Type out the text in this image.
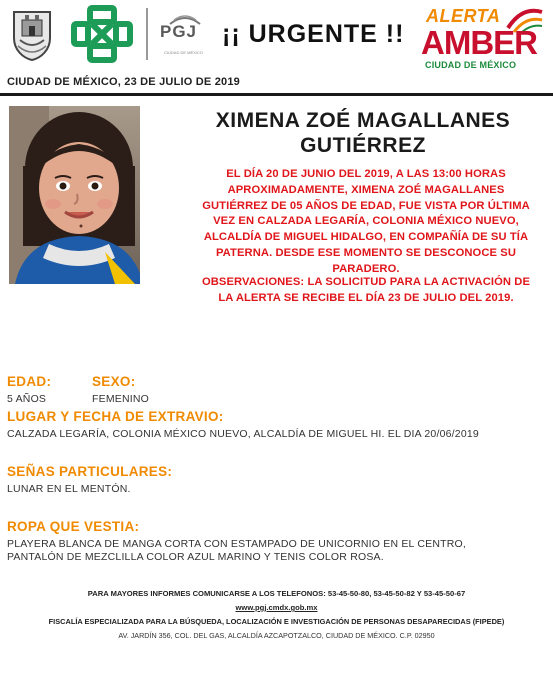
PGJ
CIUDAD DE MÉXICO
¡¡ URGENTE !!
ALERTA
AMBER
CIUDAD DE MÉXICO
CIUDAD DE MÉXICO, 23 DE JULIO DE 2019
XIMENA ZOÉ MAGALLANES
GUTIÉRREZ
EL DÍA 20 DE JUNIO DEL 2019, A LAS 13:00 HORAS APROXIMADAMENTE, XIMENA ZOÉ MAGALLANES GUTIÉRREZ DE 05 AÑOS DE EDAD, FUE VISTA POR ÚLTIMA VEZ EN CALZADA LEGARÍA, COLONIA MÉXICO NUEVO, ALCALDÍA DE MIGUEL HIDALGO, EN COMPAÑÍA DE SU TÍA PATERNA. DESDE ESE MOMENTO SE DESCONOCE SU PARADERO.
OBSERVACIONES: LA SOLICITUD PARA LA ACTIVACIÓN DE LA ALERTA SE RECIBE EL DÍA 23 DE JULIO DEL 2019.
EDAD:
5 AÑOS
SEXO:
FEMENINO
LUGAR Y FECHA DE EXTRAVIO:
CALZADA LEGARÍA, COLONIA MÉXICO NUEVO, ALCALDÍA DE MIGUEL HI. EL DIA 20/06/2019
SEÑAS PARTICULARES:
LUNAR EN EL MENTÓN.
ROPA QUE VESTIA:
PLAYERA BLANCA DE MANGA CORTA CON ESTAMPADO DE UNICORNIO EN EL CENTRO,
PANTALÓN DE MEZCLILLA COLOR AZUL MARINO Y TENIS COLOR ROSA.
PARA MAYORES INFORMES COMUNICARSE A LOS TELEFONOS: 53-45-50-80, 53-45-50-82 Y 53-45-50-67
www.pgj.cmdx.gob.mx
FISCALÍA ESPECIALIZADA PARA LA BÚSQUEDA, LOCALIZACIÓN E INVESTIGACIÓN DE PERSONAS DESAPARECIDAS (FIPEDE)
AV. JARDÍN 356, COL. DEL GAS, ALCALDÍA AZCAPOTZALCO, CIUDAD DE MÉXICO. C.P. 02950
